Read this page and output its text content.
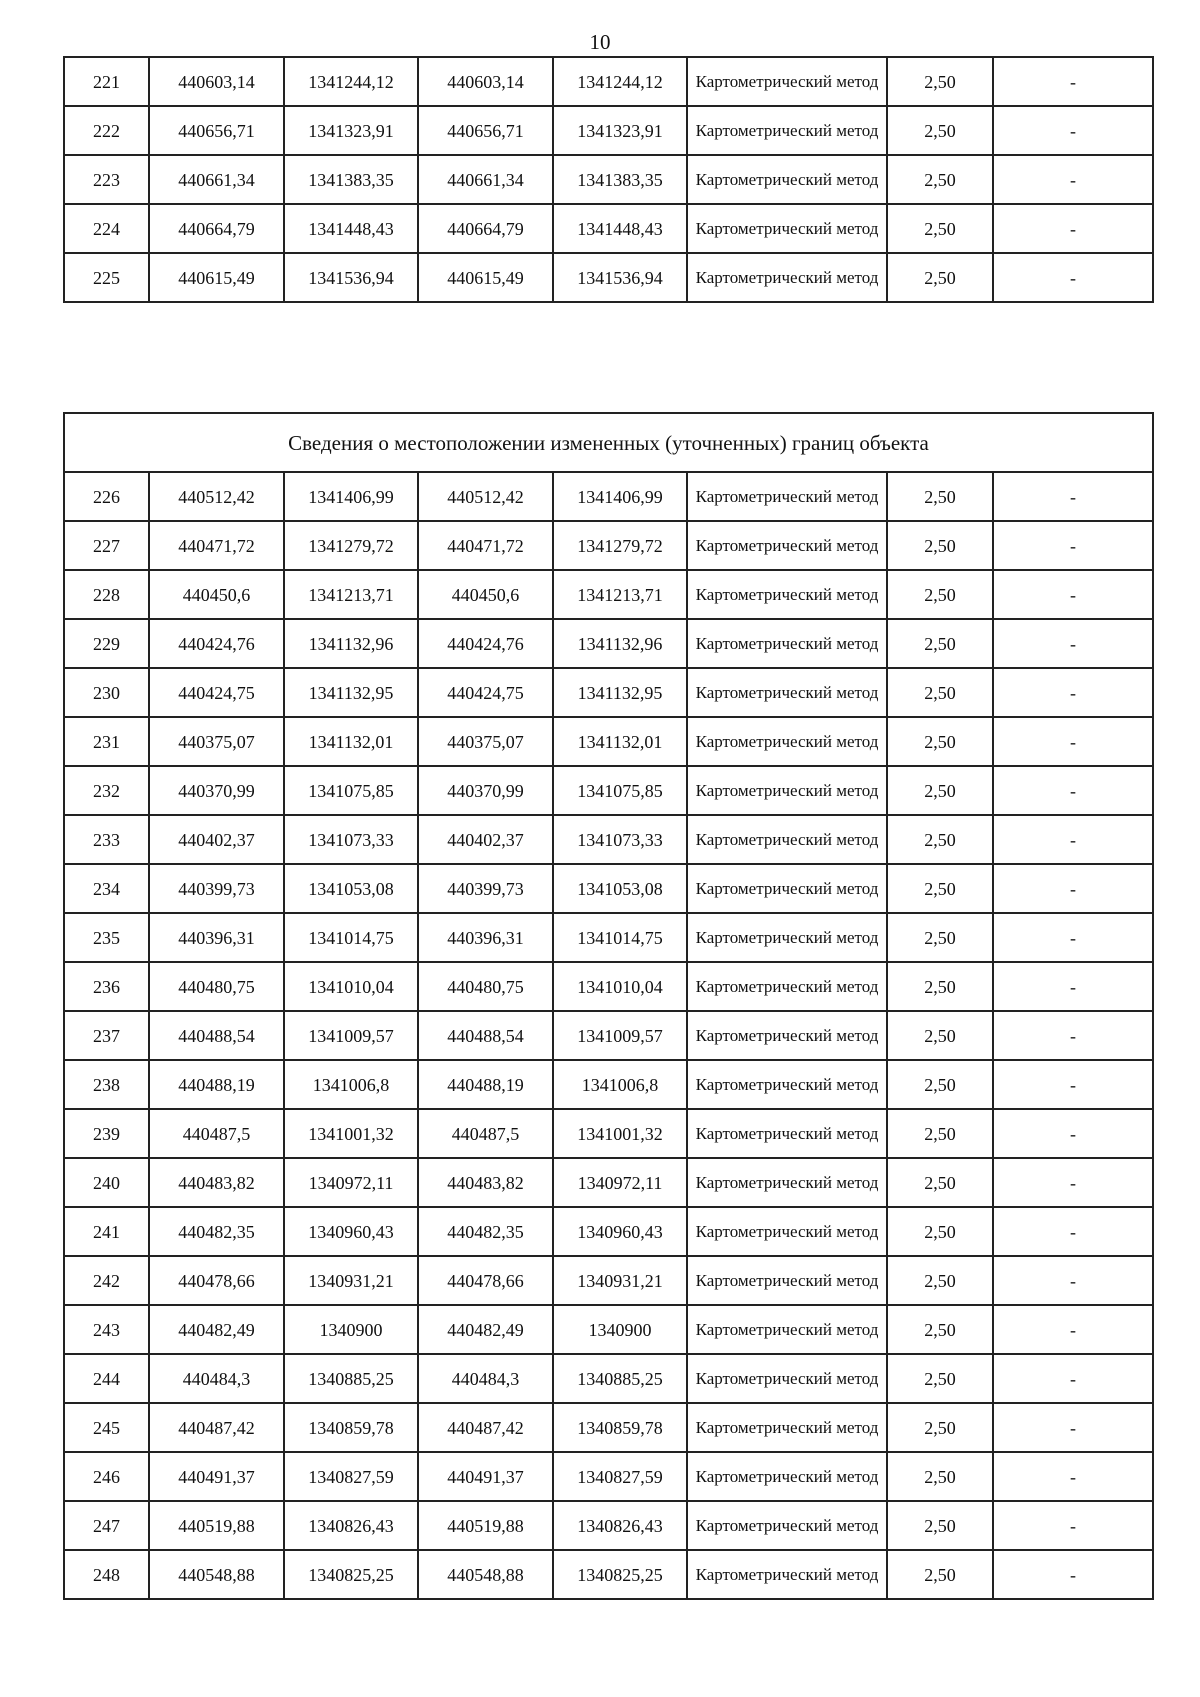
10
221	440603,14	1341244,12	440603,14	1341244,12	Картометрический метод	2,50	-
222	440656,71	1341323,91	440656,71	1341323,91	Картометрический метод	2,50	-
223	440661,34	1341383,35	440661,34	1341383,35	Картометрический метод	2,50	-
224	440664,79	1341448,43	440664,79	1341448,43	Картометрический метод	2,50	-
225	440615,49	1341536,94	440615,49	1341536,94	Картометрический метод	2,50	-
Сведения о местоположении измененных (уточненных) границ объекта							
226	440512,42	1341406,99	440512,42	1341406,99	Картометрический метод	2,50	-
227	440471,72	1341279,72	440471,72	1341279,72	Картометрический метод	2,50	-
228	440450,6	1341213,71	440450,6	1341213,71	Картометрический метод	2,50	-
229	440424,76	1341132,96	440424,76	1341132,96	Картометрический метод	2,50	-
230	440424,75	1341132,95	440424,75	1341132,95	Картометрический метод	2,50	-
231	440375,07	1341132,01	440375,07	1341132,01	Картометрический метод	2,50	-
232	440370,99	1341075,85	440370,99	1341075,85	Картометрический метод	2,50	-
233	440402,37	1341073,33	440402,37	1341073,33	Картометрический метод	2,50	-
234	440399,73	1341053,08	440399,73	1341053,08	Картометрический метод	2,50	-
235	440396,31	1341014,75	440396,31	1341014,75	Картометрический метод	2,50	-
236	440480,75	1341010,04	440480,75	1341010,04	Картометрический метод	2,50	-
237	440488,54	1341009,57	440488,54	1341009,57	Картометрический метод	2,50	-
238	440488,19	1341006,8	440488,19	1341006,8	Картометрический метод	2,50	-
239	440487,5	1341001,32	440487,5	1341001,32	Картометрический метод	2,50	-
240	440483,82	1340972,11	440483,82	1340972,11	Картометрический метод	2,50	-
241	440482,35	1340960,43	440482,35	1340960,43	Картометрический метод	2,50	-
242	440478,66	1340931,21	440478,66	1340931,21	Картометрический метод	2,50	-
243	440482,49	1340900	440482,49	1340900	Картометрический метод	2,50	-
244	440484,3	1340885,25	440484,3	1340885,25	Картометрический метод	2,50	-
245	440487,42	1340859,78	440487,42	1340859,78	Картометрический метод	2,50	-
246	440491,37	1340827,59	440491,37	1340827,59	Картометрический метод	2,50	-
247	440519,88	1340826,43	440519,88	1340826,43	Картометрический метод	2,50	-
248	440548,88	1340825,25	440548,88	1340825,25	Картометрический метод	2,50	-
